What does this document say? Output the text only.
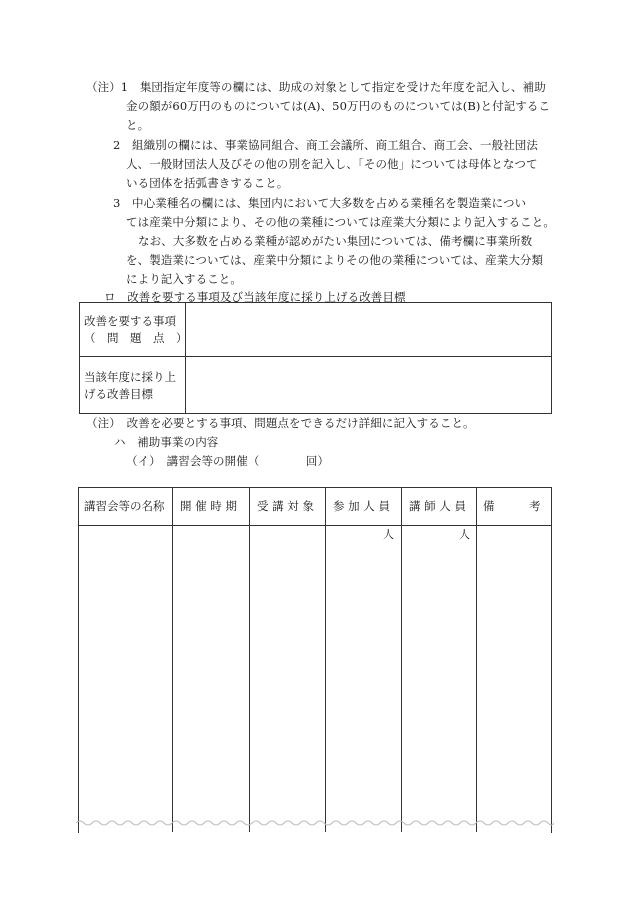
（注）1　集団指定年度等の欄には、助成の対象として指定を受けた年度を記入し、補助
金の額が60万円のものについては(A)、50万円のものについては(B)と付記するこ
と。
2　組織別の欄には、事業協同組合、商工会議所、商工組合、商工会、一般社団法
人、一般財団法人及びその他の別を記入し、「その他」については母体となつて
いる団体を括弧書きすること。
3　中心業種名の欄には、集団内において大多数を占める業種名を製造業につい
ては産業中分類により、その他の業種については産業大分類により記入すること。
なお、大多数を占める業種が認めがたい集団については、備考欄に事業所数
を、製造業については、産業中分類によりその他の業種については、産業大分類
により記入すること。
ロ　改善を要する事項及び当該年度に採り上げる改善目標
改善を要する事項
（　問　題　点　）
当該年度に採り上
げる改善目標
（注）　改善を必要とする事項、問題点をできるだけ詳細に記入すること。
ハ　補助事業の内容
（イ）　講習会等の開催（　　　　回）
講習会等の名称 開 催 時 期 受 講 対 象 参 加 人 員 講 師 人 員 備　　　考
人	人
